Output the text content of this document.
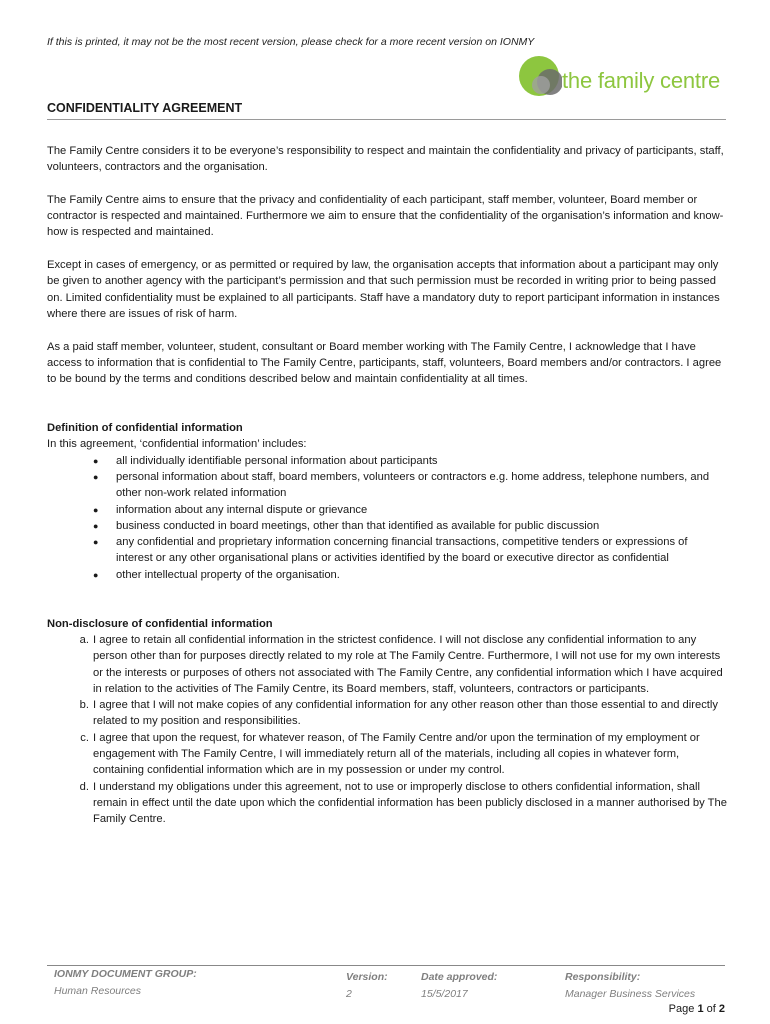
If this is printed, it may not be the most recent version, please check for a more recent version on IONMY
the family centre
CONFIDENTIALITY AGREEMENT

The Family Centre considers it to be everyone’s responsibility to respect and maintain the confidentiality and privacy of participants, staff, volunteers, contractors and the organisation.

The Family Centre aims to ensure that the privacy and confidentiality of each participant, staff member, volunteer, Board member or contractor is respected and maintained. Furthermore we aim to ensure that the confidentiality of the organisation’s information and know-how is respected and maintained.

Except in cases of emergency, or as permitted or required by law, the organisation accepts that information about a participant may only be given to another agency with the participant’s permission and that such permission must be recorded in writing prior to being passed on. Limited confidentiality must be explained to all participants. Staff have a mandatory duty to report participant information in instances where there are issues of risk of harm.

As a paid staff member, volunteer, student, consultant or Board member working with The Family Centre, I acknowledge that I have access to information that is confidential to The Family Centre, participants, staff, volunteers, Board members and/or contractors. I agree to be bound by the terms and conditions described below and maintain confidentiality at all times.

Definition of confidential information
In this agreement, ‘confidential information’ includes:
● all individually identifiable personal information about participants
● personal information about staff, board members, volunteers or contractors e.g. home address, telephone numbers, and other non-work related information
● information about any internal dispute or grievance
● business conducted in board meetings, other than that identified as available for public discussion
● any confidential and proprietary information concerning financial transactions, competitive tenders or expressions of interest or any other organisational plans or activities identified by the board or executive director as confidential
● other intellectual property of the organisation.
Non-disclosure of confidential information
a. I agree to retain all confidential information in the strictest confidence. I will not disclose any confidential information to any person other than for purposes directly related to my role at The Family Centre. Furthermore, I will not use for my own interests or the interests or purposes of others not associated with The Family Centre, any confidential information which I have acquired in relation to the activities of The Family Centre, its Board members, staff, volunteers, contractors or participants.
b. I agree that I will not make copies of any confidential information for any other reason other than those essential to and directly related to my position and responsibilities.
c. I agree that upon the request, for whatever reason, of The Family Centre and/or upon the termination of my employment or engagement with The Family Centre, I will immediately return all of the materials, including all copies in whatever form, containing confidential information which are in my possession or under my control.
d. I understand my obligations under this agreement, not to use or improperly disclose to others confidential information, shall remain in effect until the date upon which the confidential information has been publicly disclosed in a manner authorised by The Family Centre.
IONMY DOCUMENT GROUP:
Human Resources
Version:
2
Date approved:
15/5/2017
Responsibility:
Manager Business Services
Page 1 of 2
